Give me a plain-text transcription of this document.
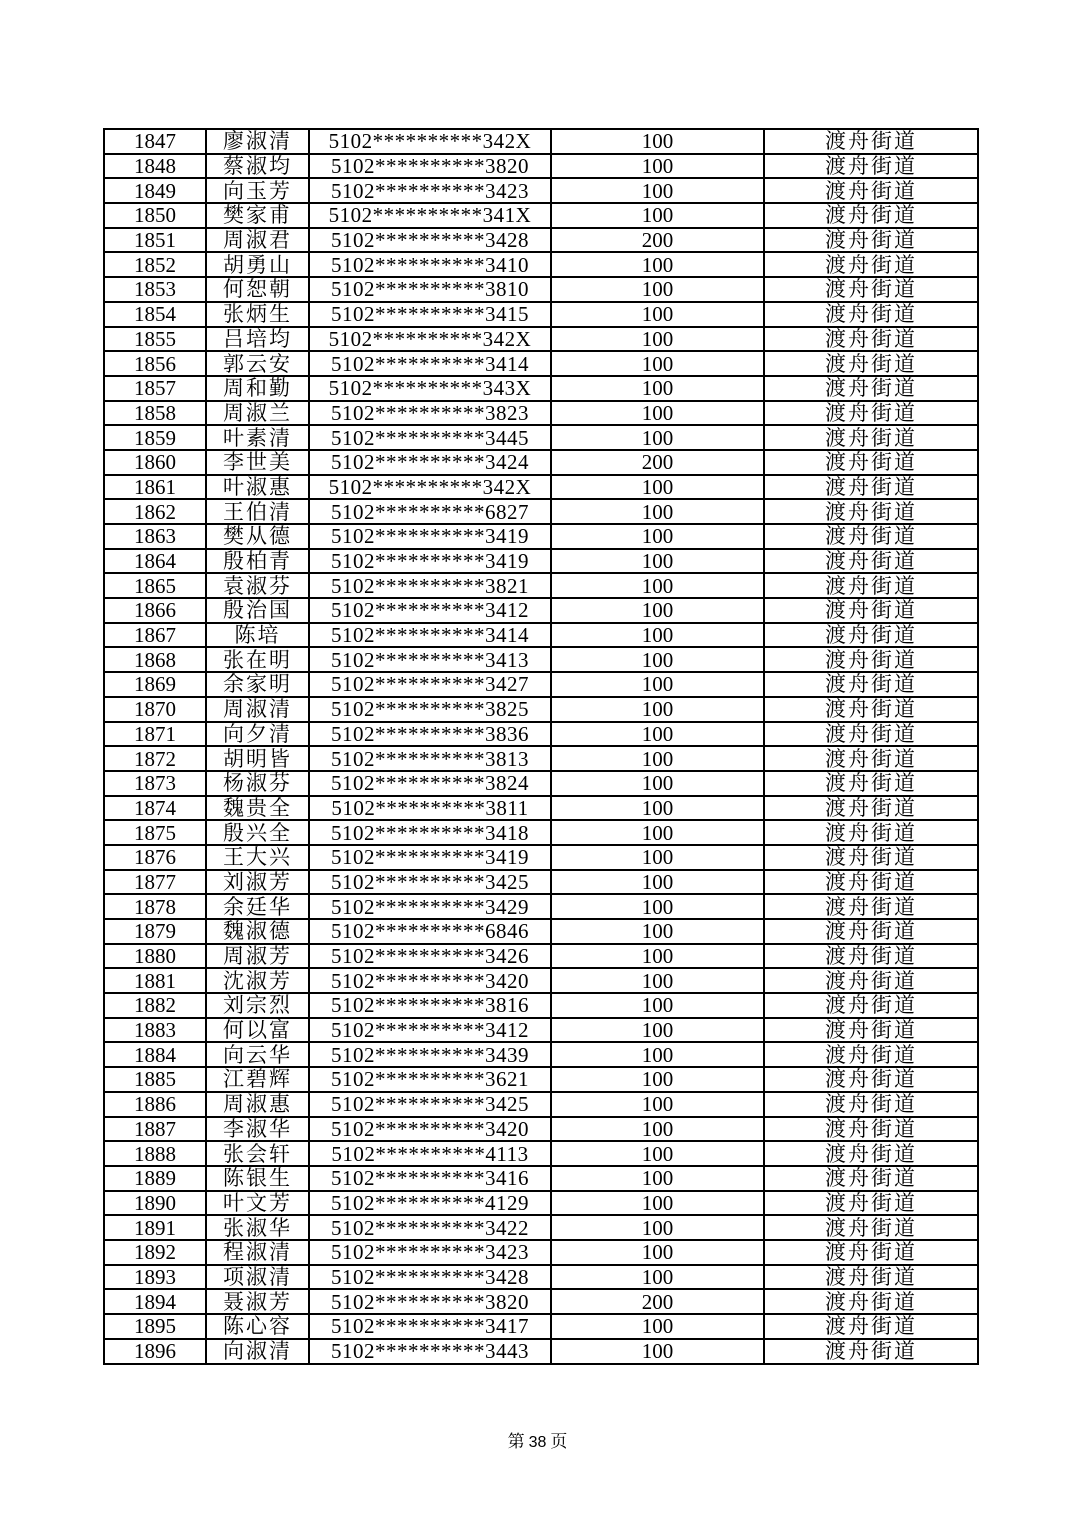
1847	廖淑清	5102**********342X	100	渡舟街道
1848	蔡淑均	5102**********3820	100	渡舟街道
1849	向玉芳	5102**********3423	100	渡舟街道
1850	樊家甫	5102**********341X	100	渡舟街道
1851	周淑君	5102**********3428	200	渡舟街道
1852	胡勇山	5102**********3410	100	渡舟街道
1853	何恕朝	5102**********3810	100	渡舟街道
1854	张炳生	5102**********3415	100	渡舟街道
1855	吕培均	5102**********342X	100	渡舟街道
1856	郭云安	5102**********3414	100	渡舟街道
1857	周和勤	5102**********343X	100	渡舟街道
1858	周淑兰	5102**********3823	100	渡舟街道
1859	叶素清	5102**********3445	100	渡舟街道
1860	李世美	5102**********3424	200	渡舟街道
1861	叶淑惠	5102**********342X	100	渡舟街道
1862	王伯清	5102**********6827	100	渡舟街道
1863	樊从德	5102**********3419	100	渡舟街道
1864	殷柏青	5102**********3419	100	渡舟街道
1865	袁淑芬	5102**********3821	100	渡舟街道
1866	殷治国	5102**********3412	100	渡舟街道
1867	陈培	5102**********3414	100	渡舟街道
1868	张在明	5102**********3413	100	渡舟街道
1869	余家明	5102**********3427	100	渡舟街道
1870	周淑清	5102**********3825	100	渡舟街道
1871	向夕清	5102**********3836	100	渡舟街道
1872	胡明皆	5102**********3813	100	渡舟街道
1873	杨淑芬	5102**********3824	100	渡舟街道
1874	魏贵全	5102**********3811	100	渡舟街道
1875	殷兴全	5102**********3418	100	渡舟街道
1876	王大兴	5102**********3419	100	渡舟街道
1877	刘淑芳	5102**********3425	100	渡舟街道
1878	余廷华	5102**********3429	100	渡舟街道
1879	魏淑德	5102**********6846	100	渡舟街道
1880	周淑芳	5102**********3426	100	渡舟街道
1881	沈淑芳	5102**********3420	100	渡舟街道
1882	刘宗烈	5102**********3816	100	渡舟街道
1883	何以富	5102**********3412	100	渡舟街道
1884	向云华	5102**********3439	100	渡舟街道
1885	江碧辉	5102**********3621	100	渡舟街道
1886	周淑惠	5102**********3425	100	渡舟街道
1887	李淑华	5102**********3420	100	渡舟街道
1888	张会轩	5102**********4113	100	渡舟街道
1889	陈银生	5102**********3416	100	渡舟街道
1890	叶文芳	5102**********4129	100	渡舟街道
1891	张淑华	5102**********3422	100	渡舟街道
1892	程淑清	5102**********3423	100	渡舟街道
1893	项淑清	5102**********3428	100	渡舟街道
1894	聂淑芳	5102**********3820	200	渡舟街道
1895	陈心容	5102**********3417	100	渡舟街道
1896	向淑清	5102**********3443	100	渡舟街道
第 38 页
